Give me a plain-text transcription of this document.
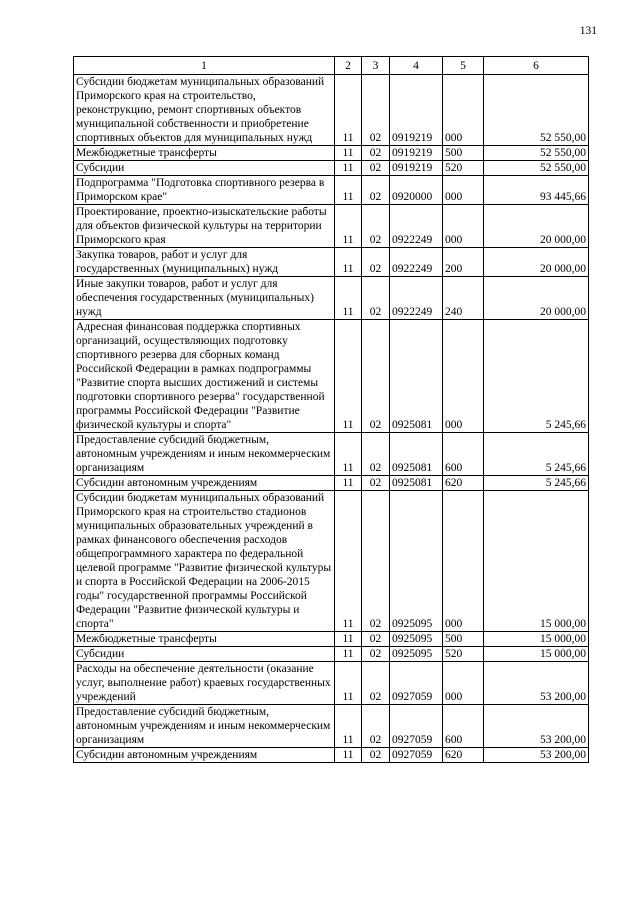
131
1	2	3	4	5	6
Субсидии бюджетам муниципальных образований Приморского края на строительство, реконструкцию, ремонт спортивных объектов муниципальной собственности и приобретение спортивных объектов для муниципальных нужд	11	02	0919219	000	52 550,00
Межбюджетные трансферты	11	02	0919219	500	52 550,00
Субсидии	11	02	0919219	520	52 550,00
Подпрограмма "Подготовка спортивного резерва в Приморском крае"	11	02	0920000	000	93 445,66
Проектирование, проектно-изыскательские работы для объектов физической культуры на территории Приморского края	11	02	0922249	000	20 000,00
Закупка товаров, работ и услуг для государственных (муниципальных) нужд	11	02	0922249	200	20 000,00
Иные закупки товаров, работ и услуг для обеспечения государственных (муниципальных) нужд	11	02	0922249	240	20 000,00
Адресная финансовая поддержка спортивных организаций, осуществляющих подготовку спортивного резерва для сборных команд Российской Федерации в рамках подпрограммы "Развитие спорта высших достижений и системы подготовки спортивного резерва" государственной программы Российской Федерации "Развитие физической культуры и спорта"	11	02	0925081	000	5 245,66
Предоставление субсидий бюджетным, автономным учреждениям и иным некоммерческим организациям	11	02	0925081	600	5 245,66
Субсидии автономным учреждениям	11	02	0925081	620	5 245,66
Субсидии бюджетам муниципальных образований Приморского края на строительство стадионов муниципальных образовательных учреждений в рамках финансового обеспечения расходов общепрограммного характера по федеральной целевой программе "Развитие физической культуры и спорта в Российской Федерации на 2006-2015 годы" государственной программы Российской Федерации "Развитие физической культуры и спорта"	11	02	0925095	000	15 000,00
Межбюджетные трансферты	11	02	0925095	500	15 000,00
Субсидии	11	02	0925095	520	15 000,00
Расходы на обеспечение деятельности (оказание услуг, выполнение работ) краевых государственных учреждений	11	02	0927059	000	53 200,00
Предоставление субсидий бюджетным, автономным учреждениям и иным некоммерческим организациям	11	02	0927059	600	53 200,00
Субсидии автономным учреждениям	11	02	0927059	620	53 200,00
